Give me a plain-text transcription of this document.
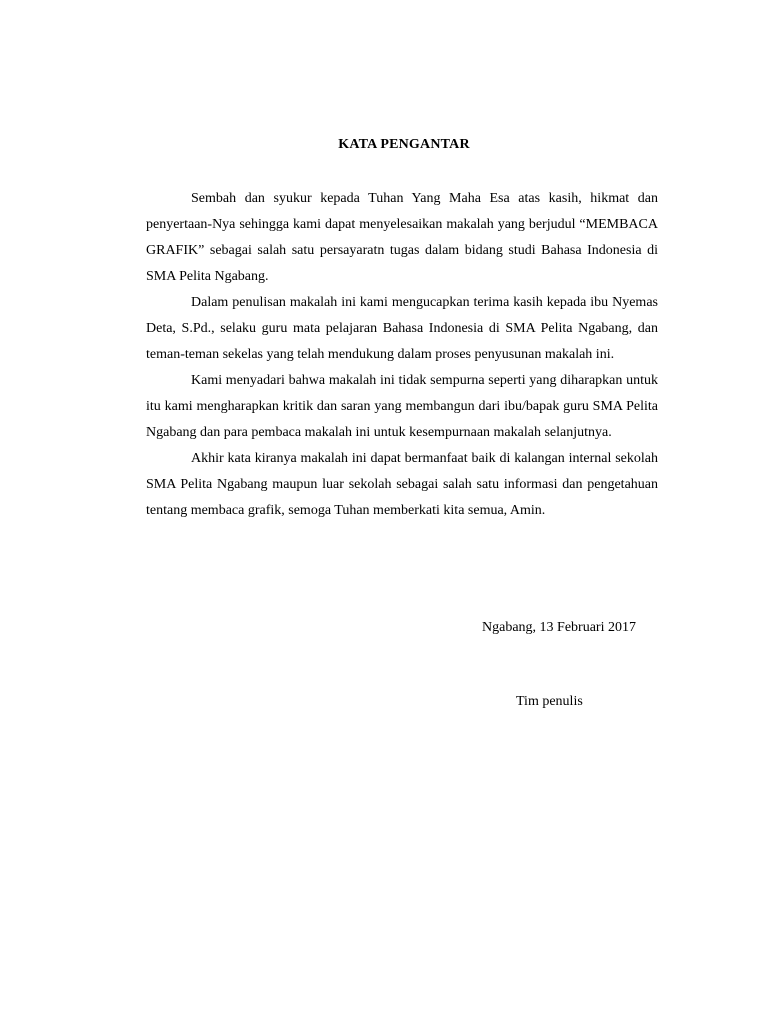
KATA PENGANTAR

Sembah dan syukur kepada Tuhan Yang Maha Esa atas kasih, hikmat dan penyertaan-Nya sehingga kami dapat menyelesaikan makalah yang berjudul “MEMBACA GRAFIK” sebagai salah satu persayaratn tugas dalam bidang studi Bahasa Indonesia di SMA Pelita Ngabang.

Dalam penulisan makalah ini kami mengucapkan terima kasih kepada ibu Nyemas Deta, S.Pd., selaku guru mata pelajaran Bahasa Indonesia di SMA Pelita Ngabang, dan teman-teman sekelas yang telah mendukung dalam proses penyusunan makalah ini.

Kami menyadari bahwa makalah ini tidak sempurna seperti yang diharapkan untuk itu kami mengharapkan kritik dan saran yang membangun dari ibu/bapak guru SMA Pelita Ngabang dan para pembaca makalah ini untuk kesempurnaan makalah selanjutnya.

Akhir kata kiranya makalah ini dapat bermanfaat baik di kalangan internal sekolah SMA Pelita Ngabang maupun luar sekolah sebagai salah satu informasi dan pengetahuan tentang membaca grafik, semoga Tuhan memberkati kita semua, Amin.

Ngabang, 13 Februari 2017
Tim penulis
